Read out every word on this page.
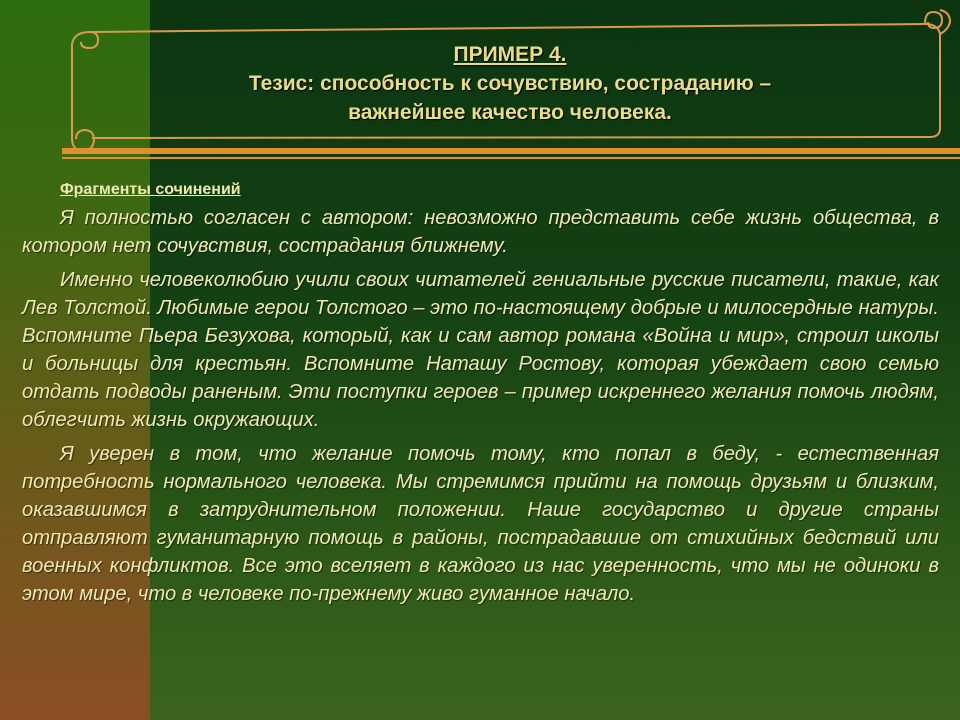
ПРИМЕР 4.
Тезис: способность к сочувствию, состраданию –
важнейшее качество человека.
Фрагменты сочинений

Я полностью согласен с автором: невозможно представить себе жизнь общества, в котором нет сочувствия, сострадания ближнему.

Именно человеколюбию учили своих читателей гениальные русские писатели, такие, как Лев Толстой. Любимые герои Толстого – это по-настоящему добрые и милосердные натуры. Вспомните Пьера Безухова, который, как и сам автор романа «Война и мир», строил школы и больницы для крестьян. Вспомните Наташу Ростову, которая убеждает свою семью отдать подводы раненым. Эти поступки героев – пример искреннего желания помочь людям, облегчить жизнь окружающих.

Я уверен в том, что желание помочь тому, кто попал в беду, - естественная потребность нормального человека. Мы стремимся прийти на помощь друзьям и близким, оказавшимся в затруднительном положении. Наше государство и другие страны отправляют гуманитарную помощь в районы, пострадавшие от стихийных бедствий или военных конфликтов. Все это вселяет в каждого из нас уверенность, что мы не одиноки в этом мире, что в человеке по-прежнему живо гуманное начало.
